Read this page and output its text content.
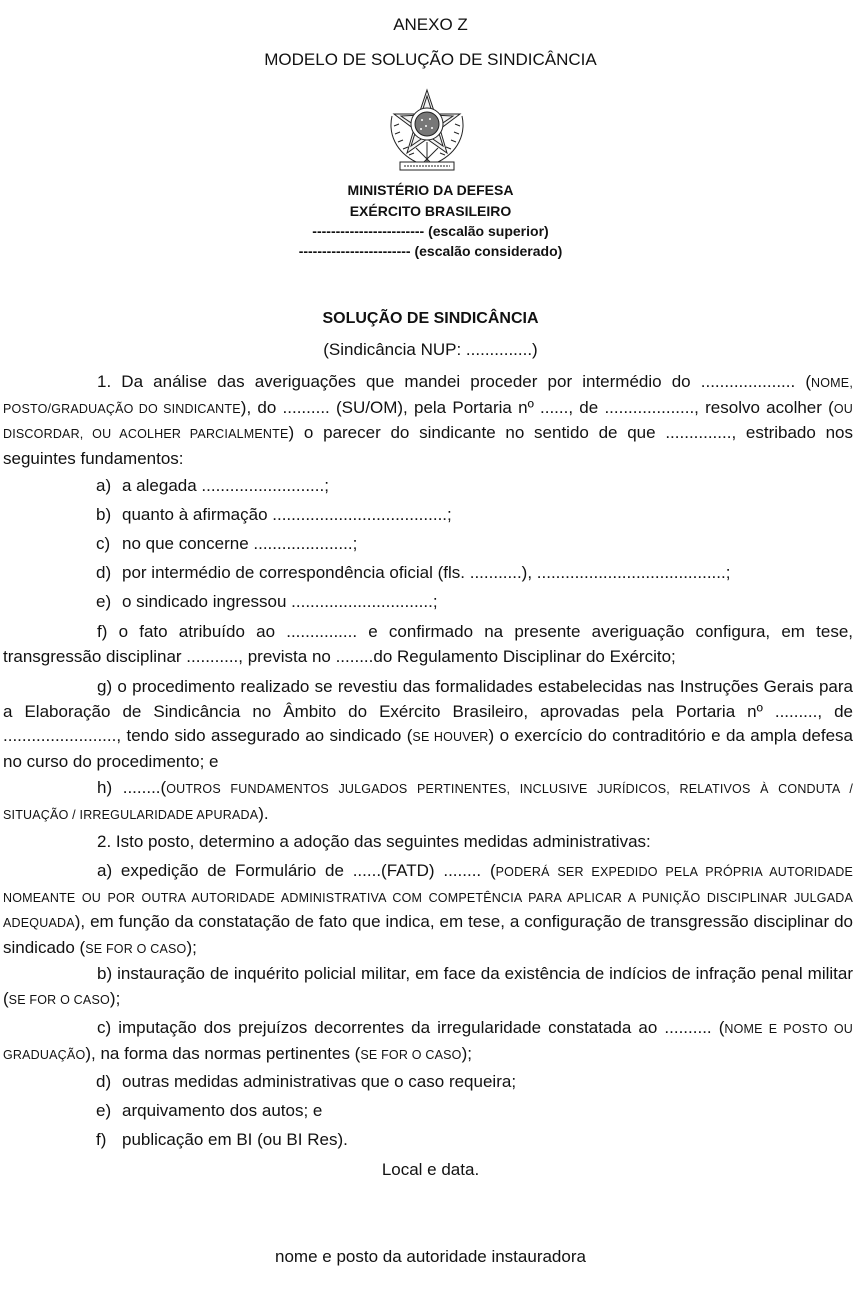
ANEXO Z
MODELO DE SOLUÇÃO DE SINDICÂNCIA
MINISTÉRIO DA DEFESA
EXÉRCITO BRASILEIRO
------------------------ (escalão superior)
------------------------ (escalão considerado)
SOLUÇÃO DE SINDICÂNCIA
(Sindicância NUP: ..............)
1. Da análise das averiguações que mandei proceder por intermédio do .................... (NOME, POSTO/GRADUAÇÃO DO SINDICANTE), do .......... (SU/OM), pela Portaria nº ......, de ..................., resolvo acolher (OU DISCORDAR, OU ACOLHER PARCIALMENTE) o parecer do sindicante no sentido de que .............., estribado nos seguintes fundamentos:
a) a alegada ..........................;
b) quanto à afirmação .....................................;
c) no que concerne .....................;
d) por intermédio de correspondência oficial (fls. ...........), ........................................;
e) o sindicado ingressou ..............................;
f) o fato atribuído ao ............... e confirmado na presente averiguação configura, em tese, transgressão disciplinar ..........., prevista no ........do Regulamento Disciplinar do Exército;
g) o procedimento realizado se revestiu das formalidades estabelecidas nas Instruções Gerais para a Elaboração de Sindicância no Âmbito do Exército Brasileiro, aprovadas pela Portaria nº ........., de ........................, tendo sido assegurado ao sindicado (SE HOUVER) o exercício do contraditório e da ampla defesa no curso do procedimento; e
h) ........(OUTROS FUNDAMENTOS JULGADOS PERTINENTES, INCLUSIVE JURÍDICOS, RELATIVOS À CONDUTA / SITUAÇÃO / IRREGULARIDADE APURADA).
2. Isto posto, determino a adoção das seguintes medidas administrativas:
a) expedição de Formulário de ......(FATD) ........ (PODERÁ SER EXPEDIDO PELA PRÓPRIA AUTORIDADE NOMEANTE OU POR OUTRA AUTORIDADE ADMINISTRATIVA COM COMPETÊNCIA PARA APLICAR A PUNIÇÃO DISCIPLINAR JULGADA ADEQUADA), em função da constatação de fato que indica, em tese, a configuração de transgressão disciplinar do sindicado (SE FOR O CASO);
b) instauração de inquérito policial militar, em face da existência de indícios de infração penal militar (SE FOR O CASO);
c) imputação dos prejuízos decorrentes da irregularidade constatada ao .......... (NOME E POSTO OU GRADUAÇÃO), na forma das normas pertinentes (SE FOR O CASO);
d) outras medidas administrativas que o caso requeira;
e) arquivamento dos autos; e
f) publicação em BI (ou BI Res).
Local e data.
nome e posto da autoridade instauradora
